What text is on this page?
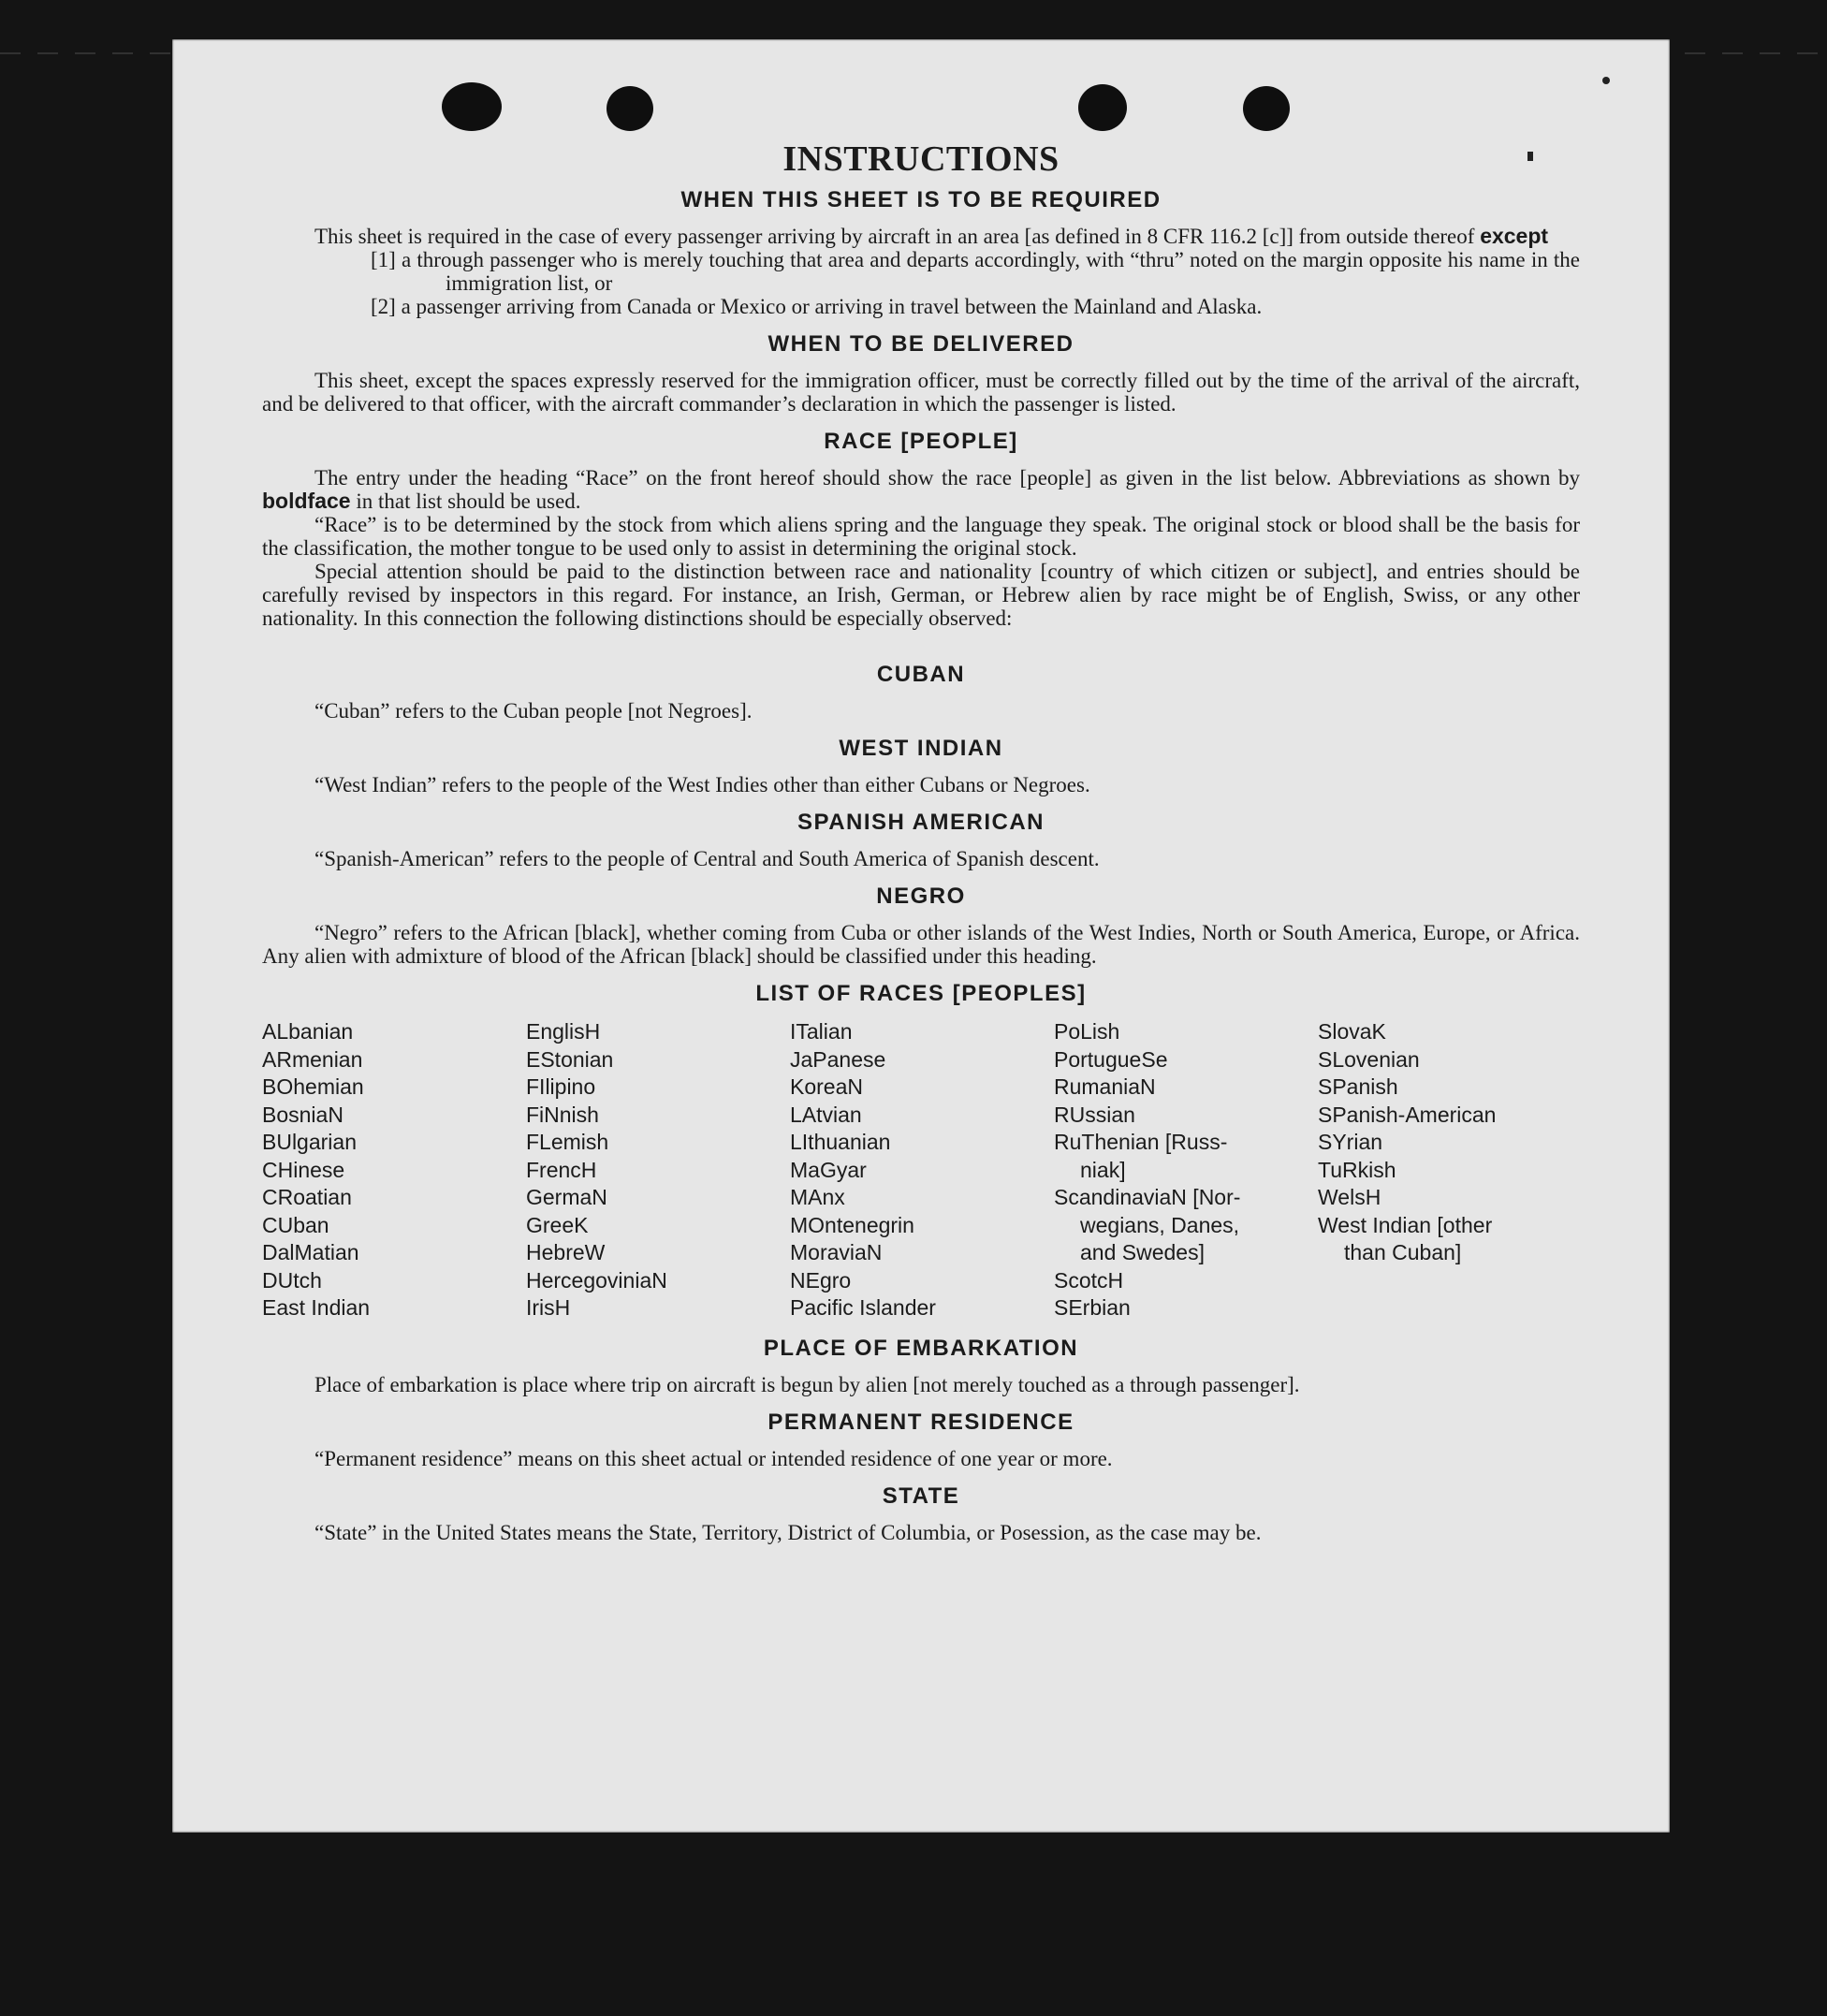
INSTRUCTIONS
WHEN THIS SHEET IS TO BE REQUIRED

This sheet is required in the case of every passenger arriving by aircraft in an area [as defined in 8 CFR 116.2 [c]] from outside thereof except

[1] a through passenger who is merely touching that area and departs accordingly, with “thru” noted on the margin opposite his name in the immigration list, or
[2] a passenger arriving from Canada or Mexico or arriving in travel between the Mainland and Alaska.
WHEN TO BE DELIVERED

This sheet, except the spaces expressly reserved for the immigration officer, must be correctly filled out by the time of the arrival of the aircraft, and be delivered to that officer, with the aircraft commander’s declaration in which the passenger is listed.

RACE [PEOPLE]

The entry under the heading “Race” on the front hereof should show the race [people] as given in the list below. Abbreviations as shown by boldface in that list should be used.

“Race” is to be determined by the stock from which aliens spring and the language they speak. The original stock or blood shall be the basis for the classification, the mother tongue to be used only to assist in determining the original stock.

Special attention should be paid to the distinction between race and nationality [country of which citizen or subject], and entries should be carefully revised by inspectors in this regard. For instance, an Irish, German, or Hebrew alien by race might be of English, Swiss, or any other nationality. In this connection the following distinctions should be especially observed:

CUBAN

“Cuban” refers to the Cuban people [not Negroes].

WEST INDIAN

“West Indian” refers to the people of the West Indies other than either Cubans or Negroes.

SPANISH AMERICAN

“Spanish-American” refers to the people of Central and South America of Spanish descent.

NEGRO

“Negro” refers to the African [black], whether coming from Cuba or other islands of the West Indies, North or South America, Europe, or Africa. Any alien with admixture of blood of the African [black] should be classified under this heading.

LIST OF RACES [PEOPLES]
ALbanian
ARmenian
BOhemian
BosniaN
BUlgarian
CHinese
CRoatian
CUban
DalMatian
DUtch
East Indian
EnglisH
EStonian
FIlipino
FiNnish
FLemish
FrencH
GermaN
GreeK
HebreW
HercegoviniaN
IrisH
ITalian
JaPanese
KoreaN
LAtvian
LIthuanian
MaGyar
MAnx
MOntenegrin
MoraviaN
NEgro
Pacific Islander
PoLish
PortugueSe
RumaniaN
RUssian
RuThenian [Russ-
niak]
ScandinaviaN [Nor-
wegians, Danes,
and Swedes]
ScotcH
SErbian
SlovaK
SLovenian
SPanish
SPanish-American
SYrian
TuRkish
WelsH
West Indian [other
than Cuban]
PLACE OF EMBARKATION

Place of embarkation is place where trip on aircraft is begun by alien [not merely touched as a through passenger].

PERMANENT RESIDENCE

“Permanent residence” means on this sheet actual or intended residence of one year or more.

STATE

“State” in the United States means the State, Territory, District of Columbia, or Posession, as the case may be.
